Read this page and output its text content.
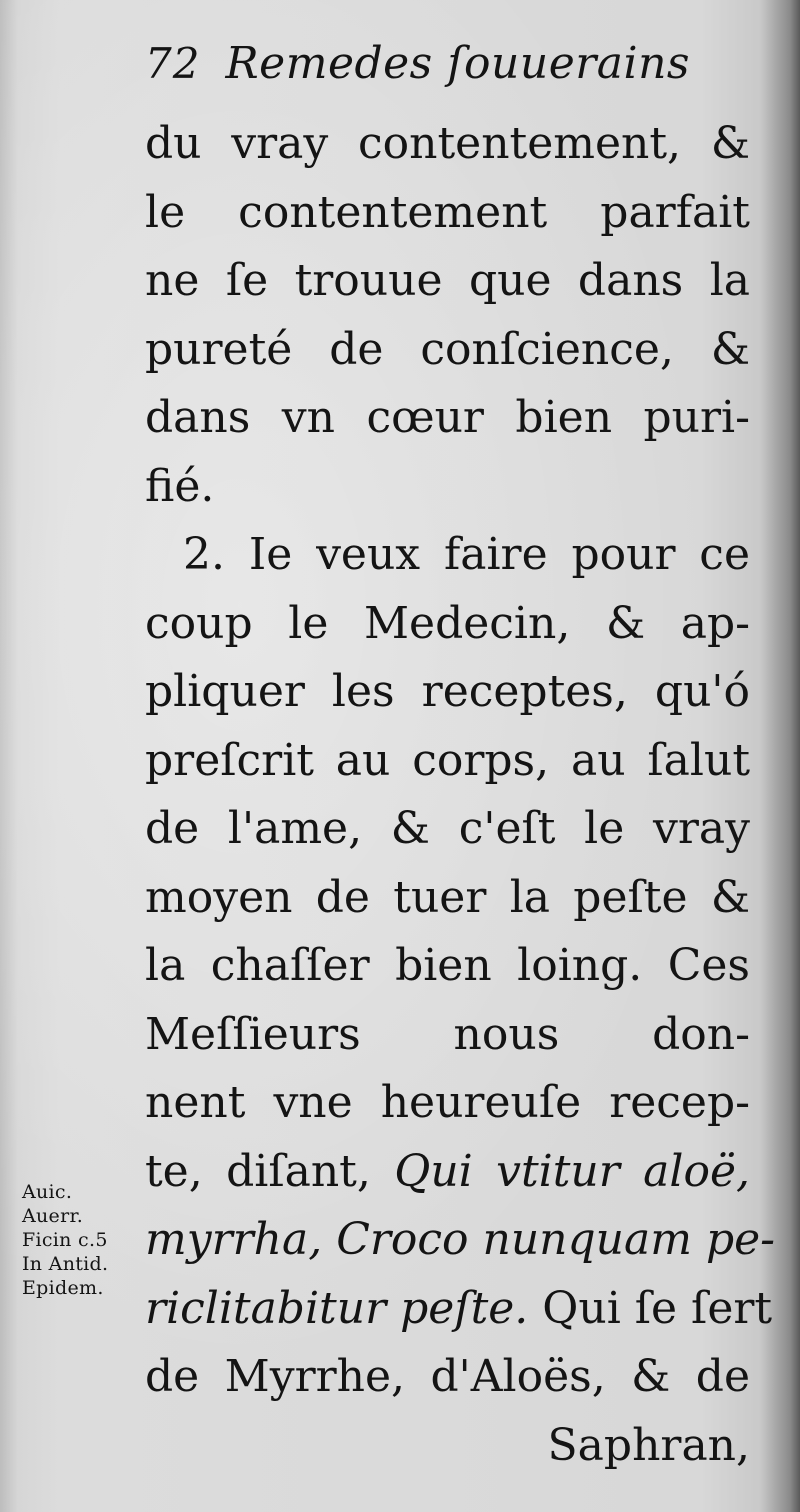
72 Remedes ſouuerains
du vray contentement, &
le contentement parfait
ne ſe trouue que dans la
pureté de conſcience, &
dans vn cœur bien puri-
fié.
2. Ie veux faire pour ce
coup le Medecin, & ap-
pliquer les receptes, qu'ó
preſcrit au corps, au ſalut
de l'ame, & c'eſt le vray
moyen de tuer la peſte &
la chaſſer bien loing. Ces
Meſſieurs nous don-
nent vne heureuſe recep-
te, diſant, Qui vtitur aloë,
myrrha, Croco nunquam pe-
riclitabitur peſte. Qui ſe ſert
de Myrrhe, d'Aloës, & de
Saphran,
Auic.
Auerr.
Ficin c.5
In Antid.
Epidem.
